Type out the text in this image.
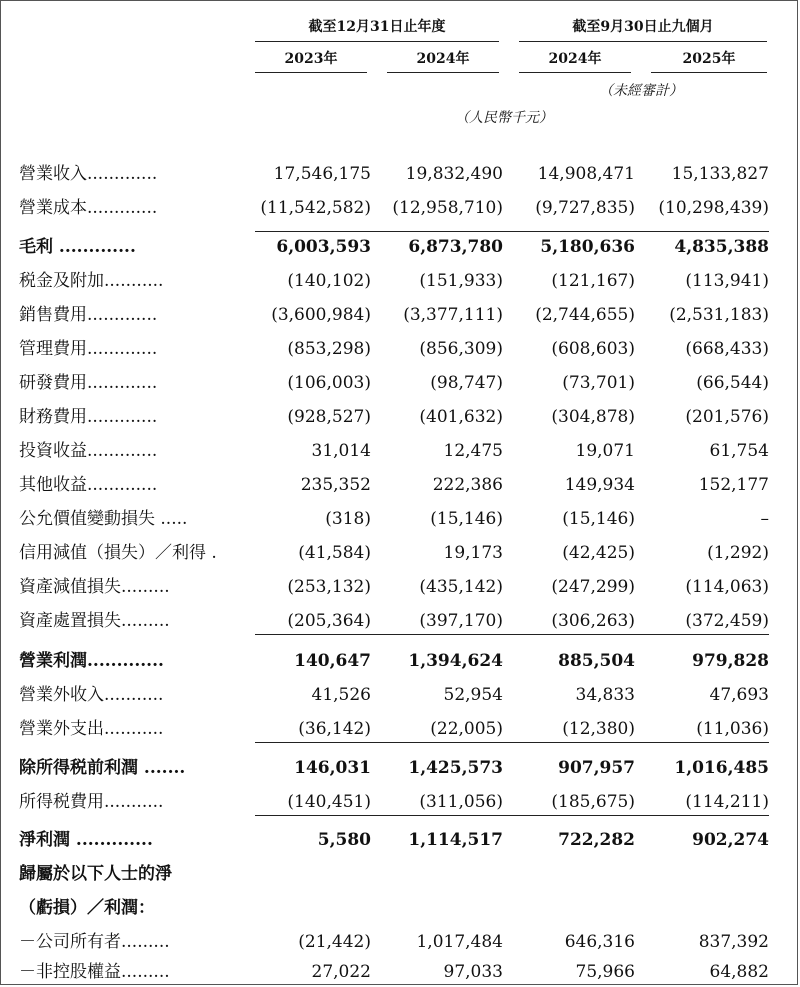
截至12月31日止年度	截至9月30日止九個月
2023年	2024年	2024年	2025年
（未經審計）
（人民幣千元）
營業收入.............	17,546,175	19,832,490	14,908,471	15,133,827
營業成本.............	(11,542,582) (12,958,710)	(9,727,835) (10,298,439)
毛利 .............	6,003,593	6,873,780	5,180,636	4,835,388
税金及附加...........	(140,102)	(151,933)	(121,167)	(113,941)
銷售費用.............	(3,600,984)	(3,377,111)	(2,744,655)	(2,531,183)
管理費用.............	(853,298)	(856,309)	(608,603)	(668,433)
研發費用.............	(106,003)	(98,747)	(73,701)	(66,544)
財務費用.............	(928,527)	(401,632)	(304,878)	(201,576)
投資收益.............	31,014	12,475	19,071	61,754
其他收益.............	235,352	222,386	149,934	152,177
公允價值變動損失 .....	(318)	(15,146)	(15,146)	–
信用減值（損失）／利得 .	(41,584)	19,173	(42,425)	(1,292)
資產減值損失.........	(253,132)	(435,142)	(247,299)	(114,063)
資產處置損失.........	(205,364)	(397,170)	(306,263)	(372,459)
營業利潤.............	140,647	1,394,624	885,504	979,828
營業外收入...........	41,526	52,954	34,833	47,693
營業外支出...........	(36,142)	(22,005)	(12,380)	(11,036)
除所得税前利潤 .......	146,031	1,425,573	907,957	1,016,485
所得税費用...........	(140,451)	(311,056)	(185,675)	(114,211)
淨利潤 .............	5,580	1,114,517	722,282	902,274
歸屬於以下人士的淨
（虧損）／利潤：
－公司所有者.........	(21,442)	1,017,484	646,316	837,392
－非控股權益.........	27,022	97,033	75,966	64,882
